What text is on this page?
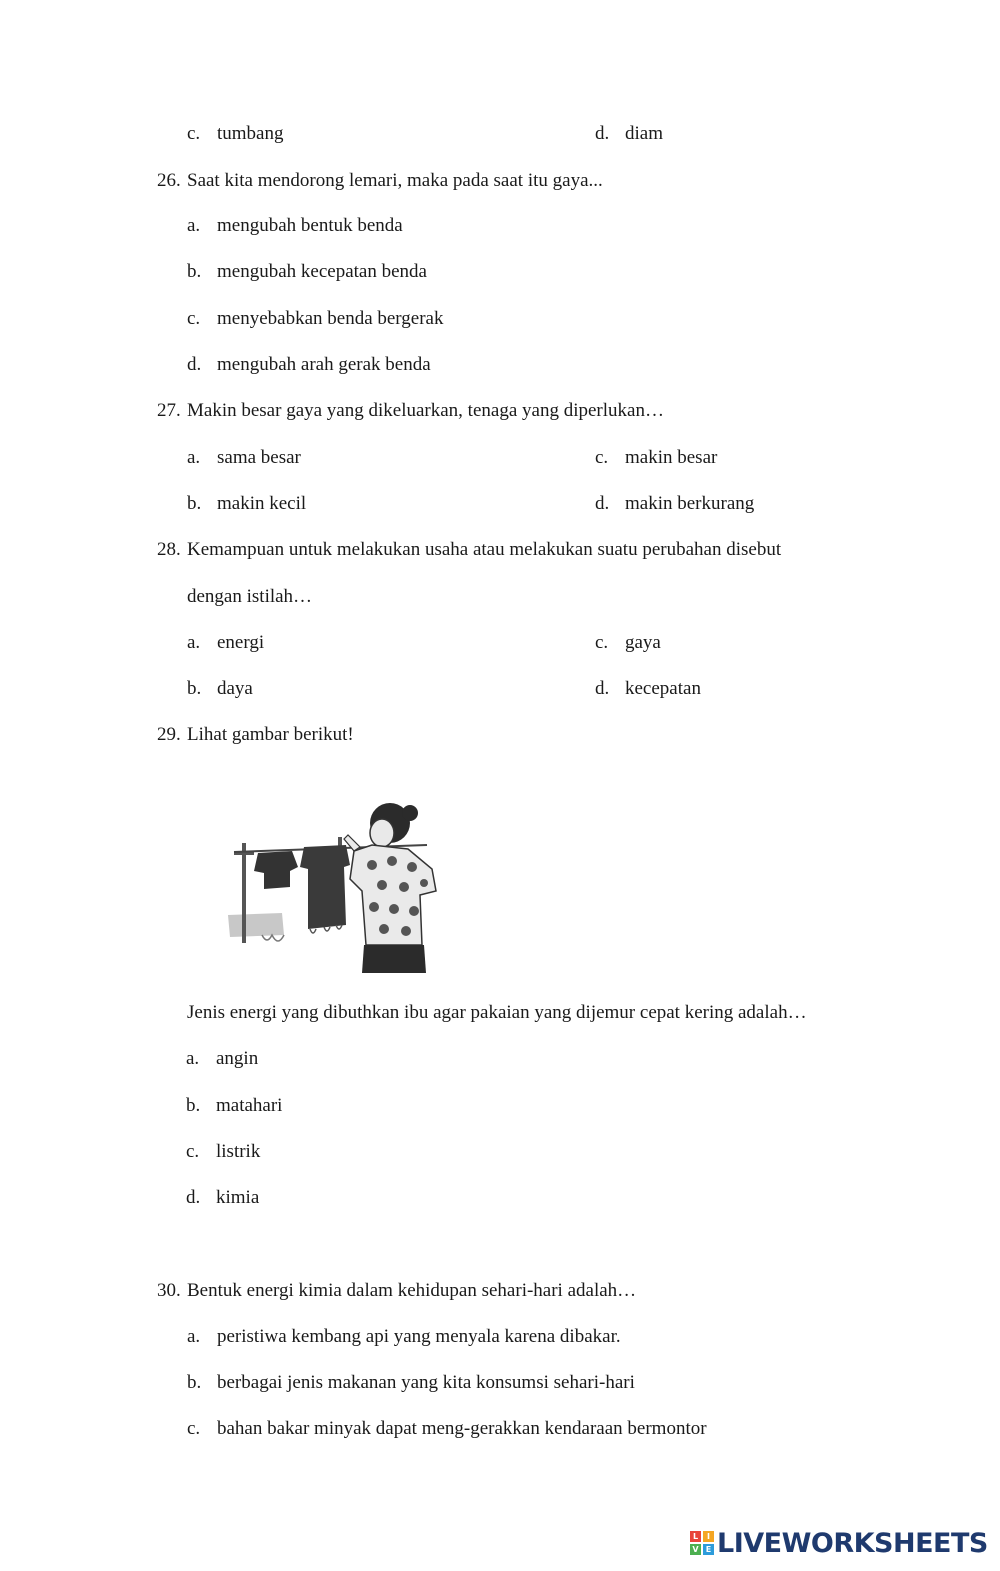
c. tumbang	d. diam
26. Saat kita mendorong lemari, maka pada saat itu gaya...
a. mengubah bentuk benda
b. mengubah kecepatan benda
c. menyebabkan benda bergerak
d. mengubah arah gerak benda
27. Makin besar gaya yang dikeluarkan, tenaga yang diperlukan…
a. sama besar	c. makin besar
b. makin kecil	d. makin berkurang
28. Kemampuan untuk melakukan usaha atau melakukan suatu perubahan disebut
dengan istilah…
a. energi	c. gaya
b. daya	d. kecepatan
29. Lihat gambar berikut!
Jenis energi yang dibuthkan ibu agar pakaian yang dijemur cepat kering adalah…
a. angin
b. matahari
c. listrik
d. kimia
30. Bentuk energi kimia dalam kehidupan sehari-hari adalah…
a. peristiwa kembang api yang menyala karena dibakar.
b. berbagai jenis makanan yang kita konsumsi sehari-hari
c. bahan bakar minyak dapat meng-gerakkan kendaraan bermontor
L	I
V E LIVEWORKSHEETS
